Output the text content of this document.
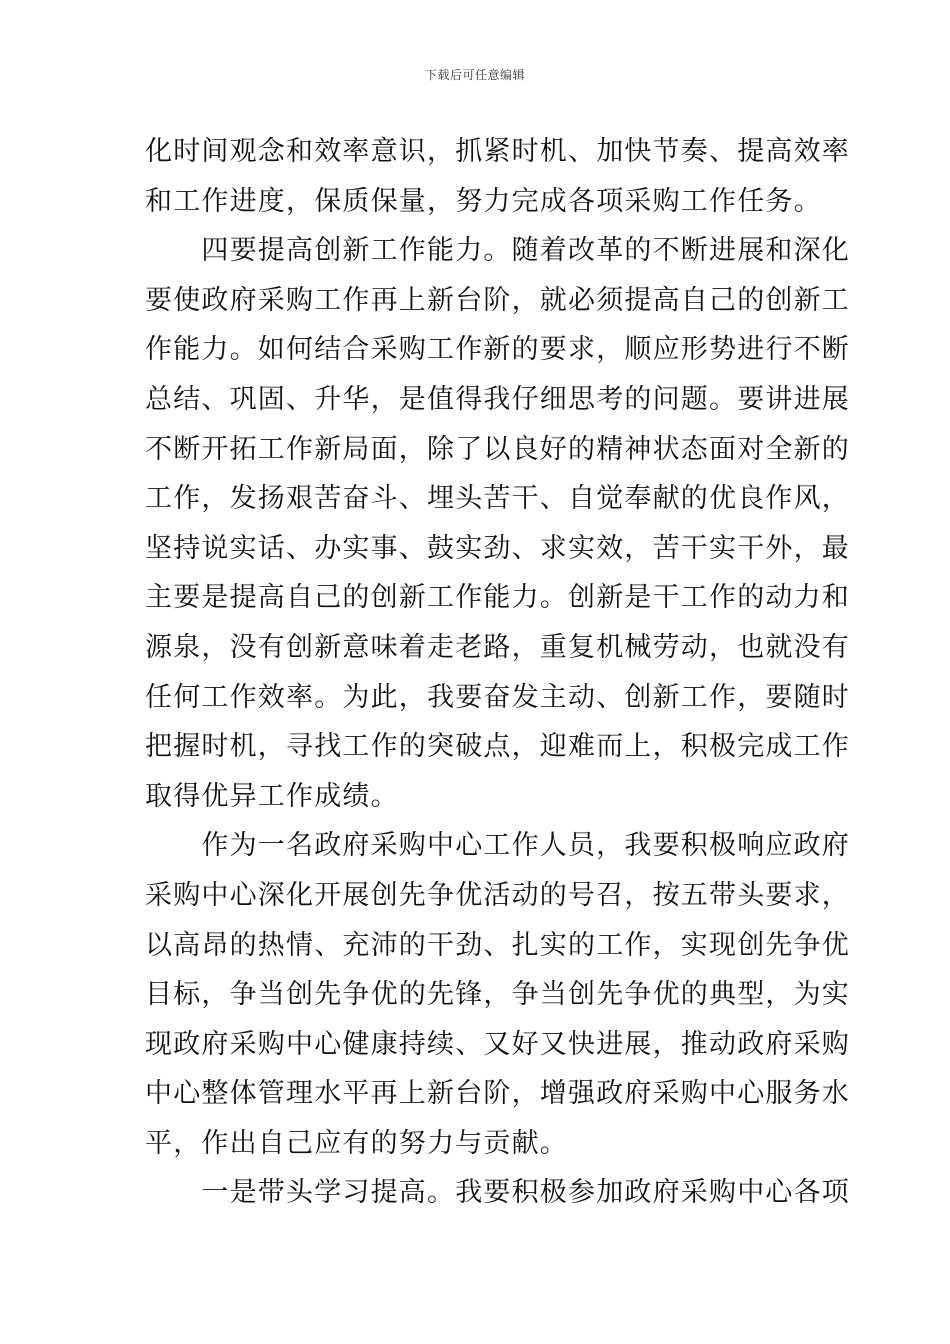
下载后可任意编辑
化时间观念和效率意识，抓紧时机、加快节奏、提高效率
和工作进度，保质保量，努力完成各项采购工作任务。
　　四要提高创新工作能力。随着改革的不断进展和深化
要使政府采购工作再上新台阶，就必须提高自己的创新工
作能力。如何结合采购工作新的要求，顺应形势进行不断
总结、巩固、升华，是值得我仔细思考的问题。要讲进展
不断开拓工作新局面，除了以良好的精神状态面对全新的
工作，发扬艰苦奋斗、埋头苦干、自觉奉献的优良作风，
坚持说实话、办实事、鼓实劲、求实效，苦干实干外，最
主要是提高自己的创新工作能力。创新是干工作的动力和
源泉，没有创新意味着走老路，重复机械劳动，也就没有
任何工作效率。为此，我要奋发主动、创新工作，要随时
把握时机，寻找工作的突破点，迎难而上，积极完成工作
取得优异工作成绩。
　　作为一名政府采购中心工作人员，我要积极响应政府
采购中心深化开展创先争优活动的号召，按五带头要求，
以高昂的热情、充沛的干劲、扎实的工作，实现创先争优
目标，争当创先争优的先锋，争当创先争优的典型，为实
现政府采购中心健康持续、又好又快进展，推动政府采购
中心整体管理水平再上新台阶，增强政府采购中心服务水
平，作出自己应有的努力与贡献。
　　一是带头学习提高。我要积极参加政府采购中心各项
